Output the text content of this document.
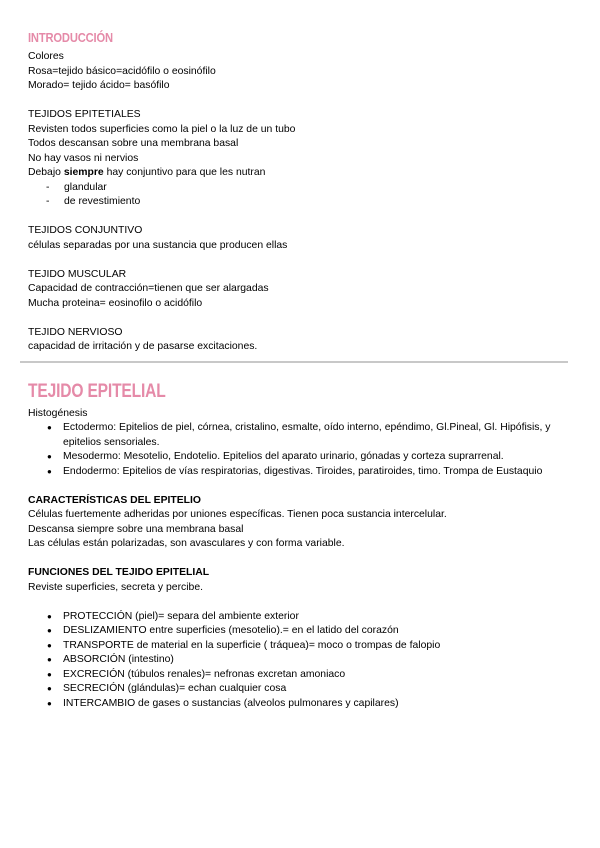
INTRODUCCIÓN
Colores
Rosa=tejido básico=acidófilo o eosinófilo
Morado= tejido ácido= basófilo
TEJIDOS EPITETIALES
Revisten todos superficies como la piel o la luz de un tubo
Todos descansan sobre una membrana basal
No hay vasos ni nervios
Debajo siempre hay conjuntivo para que les nutran
- glandular
- de revestimiento
TEJIDOS CONJUNTIVO
células separadas por una sustancia que producen ellas
TEJIDO MUSCULAR
Capacidad de contracción=tienen que ser alargadas
Mucha proteina= eosinofilo o acidófilo
TEJIDO NERVIOSO
capacidad de irritación y de pasarse excitaciones.
TEJIDO EPITELIAL
Histogénesis
● Ectodermo: Epitelios de piel, córnea, cristalino, esmalte, oído interno, epéndimo, Gl.Pineal, Gl. Hipófisis, y epitelios sensoriales.
● Mesodermo: Mesotelio, Endotelio. Epitelios del aparato urinario, gónadas y corteza suprarrenal.
● Endodermo: Epitelios de vías respiratorias, digestivas. Tiroides, paratiroides, timo. Trompa de Eustaquio
CARACTERÍSTICAS DEL EPITELIO
Células fuertemente adheridas por uniones específicas. Tienen poca sustancia intercelular.
Descansa siempre sobre una membrana basal
Las células están polarizadas, son avasculares y con forma variable.
FUNCIONES DEL TEJIDO EPITELIAL
Reviste superficies, secreta y percibe.
● PROTECCIÓN (piel)= separa del ambiente exterior
● DESLIZAMIENTO entre superficies (mesotelio).= en el latido del corazón
● TRANSPORTE de material en la superficie ( tráquea)= moco o trompas de falopio
● ABSORCIÓN (intestino)
● EXCRECIÓN (túbulos renales)= nefronas excretan amoniaco
● SECRECIÓN (glándulas)= echan cualquier cosa
● INTERCAMBIO de gases o sustancias (alveolos pulmonares y capilares)
